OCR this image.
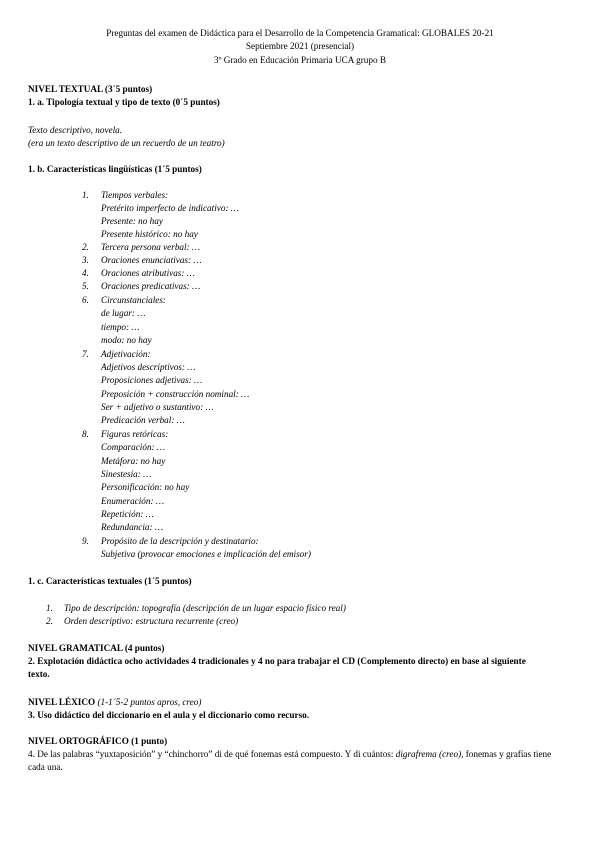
Preguntas del examen de Didáctica para el Desarrollo de la Competencia Gramatical: GLOBALES 20-21
Septiembre 2021 (presencial)
3º Grado en Educación Primaria UCA grupo B
NIVEL TEXTUAL (3´5 puntos)
1. a. Tipología textual y tipo de texto (0´5 puntos)
Texto descriptivo, novela.
(era un texto descriptivo de un recuerdo de un teatro)
1. b. Características lingüísticas (1´5 puntos)
1. Tiempos verbales:
Pretérito imperfecto de indicativo: …
Presente: no hay
Presente histórico: no hay
2. Tercera persona verbal: …
3. Oraciones enunciativas: …
4. Oraciones atributivas: …
5. Oraciones predicativas: …
6. Circunstanciales:
de lugar: …
tiempo: …
modo: no hay
7. Adjetivación:
Adjetivos descriptivos: …
Proposiciones adjetivas: …
Preposición + construcción nominal: …
Ser + adjetivo o sustantivo: …
Predicación verbal: …
8. Figuras retóricas:
Comparación: …
Metáfora: no hay
Sinestesia: …
Personificación: no hay
Enumeración: …
Repetición: …
Redundancia: …
9. Propósito de la descripción y destinatario:
Subjetiva (provocar emociones e implicación del emisor)
1. c. Características textuales (1´5 puntos)
1. Tipo de descripción: topografía (descripción de un lugar espacio físico real)
2. Orden descriptivo: estructura recurrente (creo)
NIVEL GRAMATICAL (4 puntos)
2. Explotación didáctica ocho actividades 4 tradicionales y 4 no para trabajar el CD (Complemento directo) en base al siguiente texto.
NIVEL LÉXICO (1-1´5-2 puntos apros, creo)
3. Uso didáctico del diccionario en el aula y el diccionario como recurso.
NIVEL ORTOGRÁFICO (1 punto)
4. De las palabras “yuxtaposición” y “chinchorro” di de qué fonemas está compuesto. Y di cuántos: digrafrema (creo), fonemas y grafías tiene cada una.
